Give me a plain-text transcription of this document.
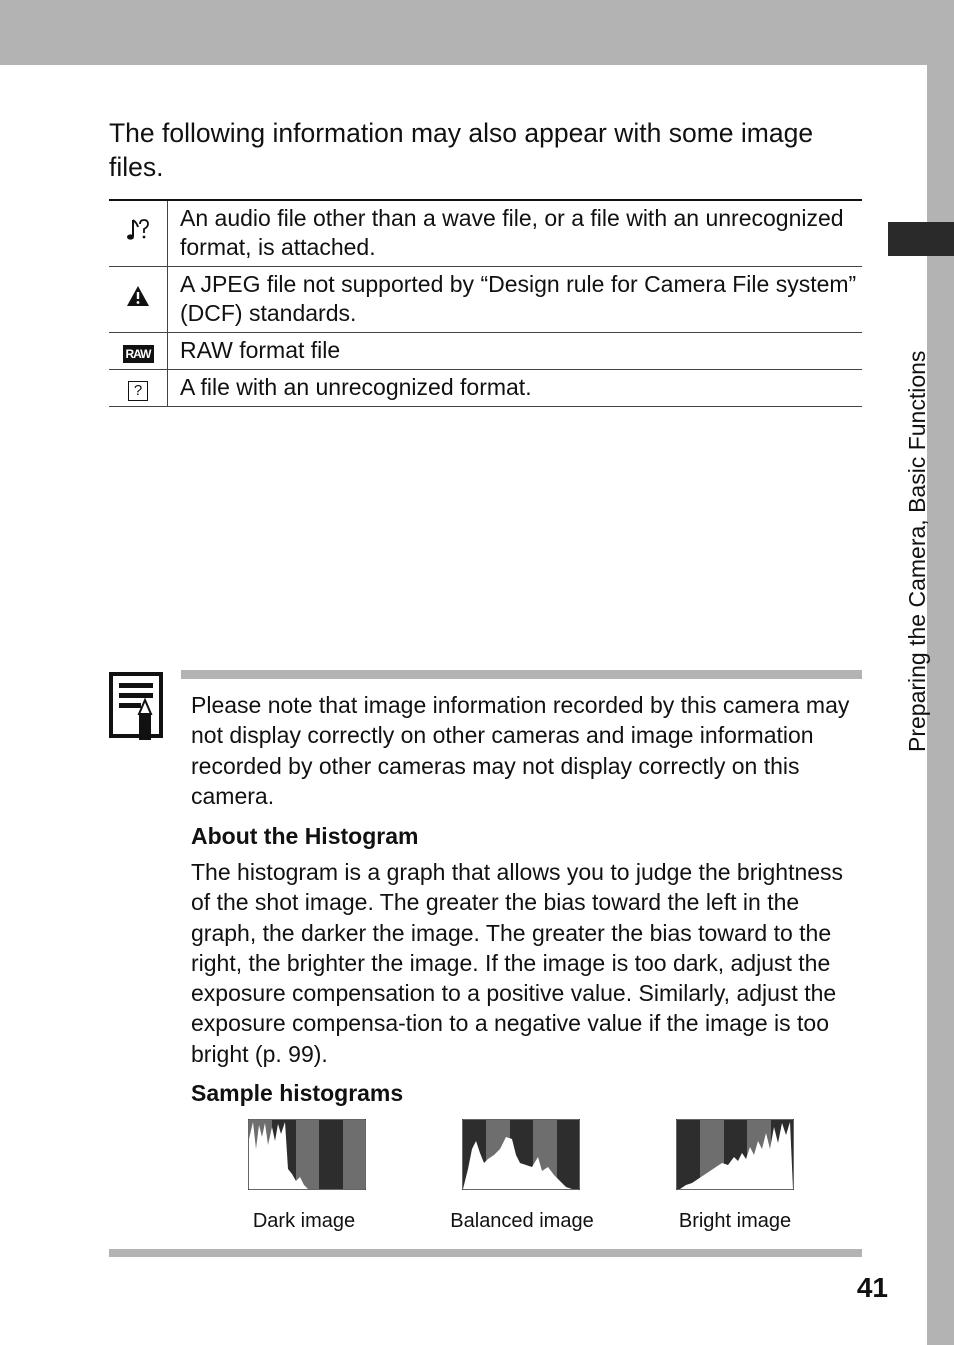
Preparing the Camera, Basic Functions

The following information may also appear with some image files.

	An audio file other than a wave file, or a file with an unrecognized format, is attached.
	A JPEG file not supported by “Design rule for Camera File system” (DCF) standards.
RAW	RAW format file
?	A file with an unrecognized format.

Please note that image information recorded by this camera may not display correctly on other cameras and image information recorded by other cameras may not display correctly on this camera.

About the Histogram

The histogram is a graph that allows you to judge the brightness of the shot image. The greater the bias toward the left in the graph, the darker the image. The greater the bias toward to the right, the brighter the image. If the image is too dark, adjust the exposure compensation to a positive value. Similarly, adjust the exposure compensa-tion to a negative value if the image is too bright (p. 99).

Sample histograms

Dark image	Balanced image	Bright image
41
